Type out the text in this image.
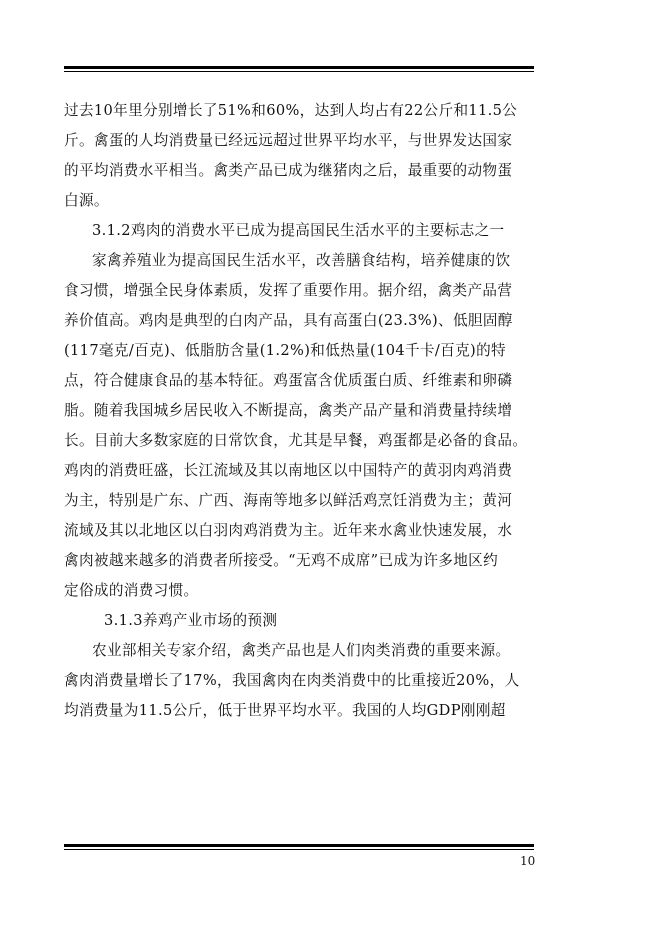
过去10年里分别增长了51%和60%，达到人均占有22公斤和11.5公
斤。禽蛋的人均消费量已经远远超过世界平均水平，与世界发达国家
的平均消费水平相当。禽类产品已成为继猪肉之后，最重要的动物蛋
白源。
3.1.2鸡肉的消费水平已成为提高国民生活水平的主要标志之一
家禽养殖业为提高国民生活水平，改善膳食结构，培养健康的饮
食习惯，增强全民身体素质，发挥了重要作用。据介绍，禽类产品营
养价值高。鸡肉是典型的白肉产品，具有高蛋白(23.3%)、低胆固醇
(117毫克/百克)、低脂肪含量(1.2%)和低热量(104千卡/百克)的特
点，符合健康食品的基本特征。鸡蛋富含优质蛋白质、纤维素和卵磷
脂。随着我国城乡居民收入不断提高，禽类产品产量和消费量持续增
长。目前大多数家庭的日常饮食，尤其是早餐，鸡蛋都是必备的食品。
鸡肉的消费旺盛，长江流域及其以南地区以中国特产的黄羽肉鸡消费
为主，特别是广东、广西、海南等地多以鲜活鸡烹饪消费为主；黄河
流域及其以北地区以白羽肉鸡消费为主。近年来水禽业快速发展，水
禽肉被越来越多的消费者所接受。“无鸡不成席”已成为许多地区约
定俗成的消费习惯。
3.1.3养鸡产业市场的预测
农业部相关专家介绍，禽类产品也是人们肉类消费的重要来源。
禽肉消费量增长了17%，我国禽肉在肉类消费中的比重接近20%，人
均消费量为11.5公斤，低于世界平均水平。我国的人均GDP刚刚超
10
